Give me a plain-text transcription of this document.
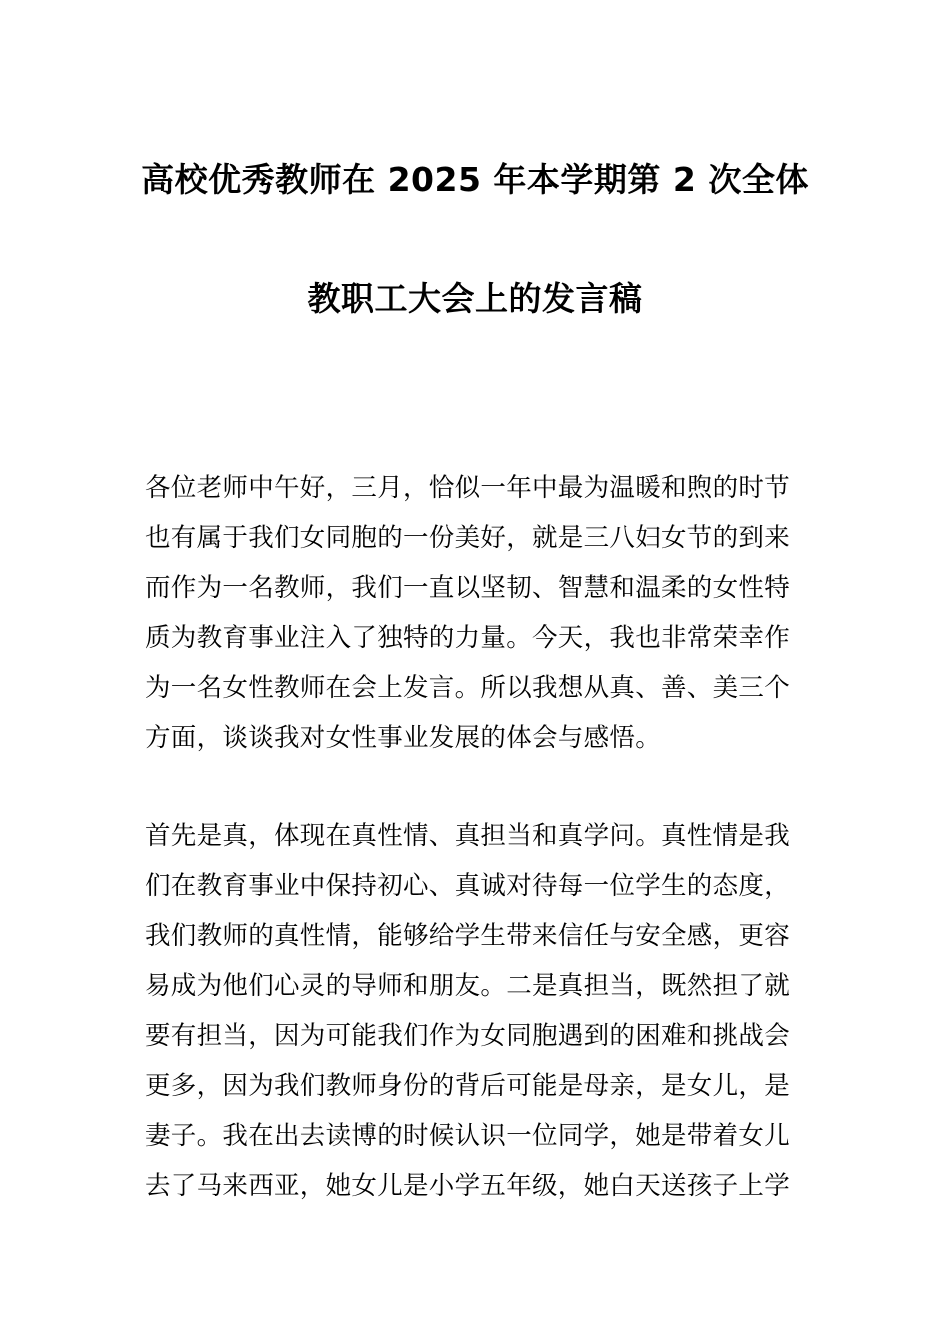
高校优秀教师在 2025 年本学期第 2 次全体
教职工大会上的发言稿
各位老师中午好，三月，恰似一年中最为温暖和煦的时节
也有属于我们女同胞的一份美好，就是三八妇女节的到来
而作为一名教师，我们一直以坚韧、智慧和温柔的女性特
质为教育事业注入了独特的力量。今天，我也非常荣幸作
为一名女性教师在会上发言。所以我想从真、善、美三个
方面，谈谈我对女性事业发展的体会与感悟。
首先是真，体现在真性情、真担当和真学问。真性情是我
们在教育事业中保持初心、真诚对待每一位学生的态度，
我们教师的真性情，能够给学生带来信任与安全感，更容
易成为他们心灵的导师和朋友。二是真担当，既然担了就
要有担当，因为可能我们作为女同胞遇到的困难和挑战会
更多，因为我们教师身份的背后可能是母亲，是女儿，是
妻子。我在出去读博的时候认识一位同学，她是带着女儿
去了马来西亚，她女儿是小学五年级，她白天送孩子上学
